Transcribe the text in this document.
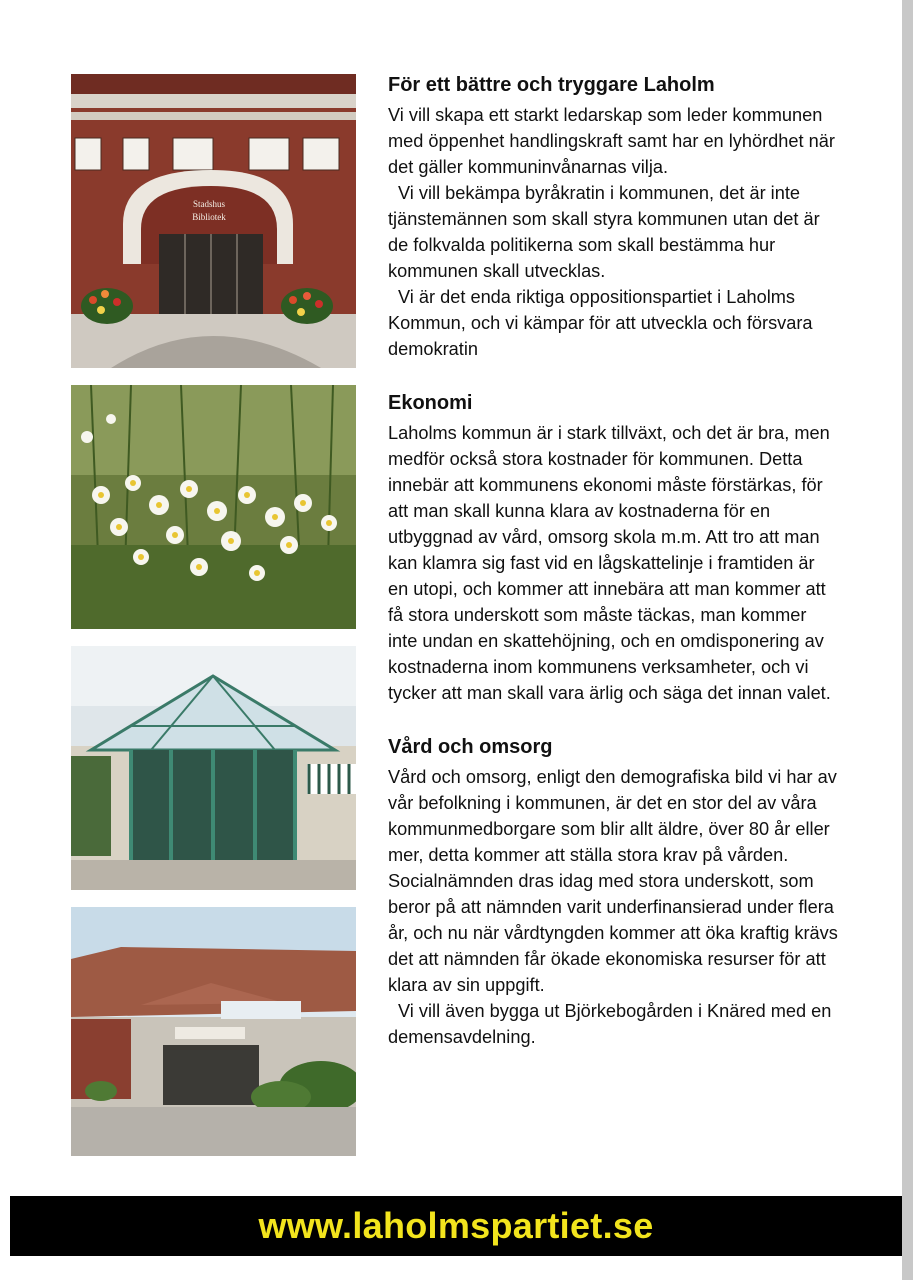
Stadshus
Bibliotek
För ett bättre och tryggare Laholm

Vi vill skapa ett starkt ledarskap som leder kommunen med öppenhet handlingskraft samt har en lyhördhet när det gäller kommuninvånarnas vilja.

Vi vill bekämpa byråkratin i kommunen, det är inte tjänstemännen som skall styra kommunen utan det är de folkvalda politikerna som skall bestämma hur kommunen skall utvecklas.

Vi är det enda riktiga oppositionspartiet i Laholms Kommun, och vi kämpar för att utveckla och försvara demokratin

Ekonomi

Laholms kommun är i stark tillväxt, och det är bra, men medför också stora kostnader för kommunen. Detta innebär att kommunens ekonomi måste förstärkas, för att man skall kunna klara av kostnaderna för en utbyggnad av vård, omsorg skola m.m. Att tro att man kan klamra sig fast vid en lågskattelinje i framtiden är en utopi, och kommer att innebära att man kommer att få stora underskott som måste täckas, man kommer inte undan en skattehöjning, och en omdisponering av kostnaderna inom kommunens verksamheter, och vi tycker att man skall vara ärlig och säga det innan valet.

Vård och omsorg

Vård och omsorg, enligt den demografiska bild vi har av vår befolkning i kommunen, är det en stor del av våra kommunmedborgare som blir allt äldre, över 80 år eller mer, detta kommer att ställa stora krav på vården. Socialnämnden dras idag med stora underskott, som beror på att nämnden varit underfinansierad under flera år, och nu när vårdtyngden kommer att öka kraftig krävs det att nämnden får ökade ekonomiska resurser för att klara av sin uppgift.

Vi vill även bygga ut Björkebogården i Knäred med en demensavdelning.

www.laholmspartiet.se
